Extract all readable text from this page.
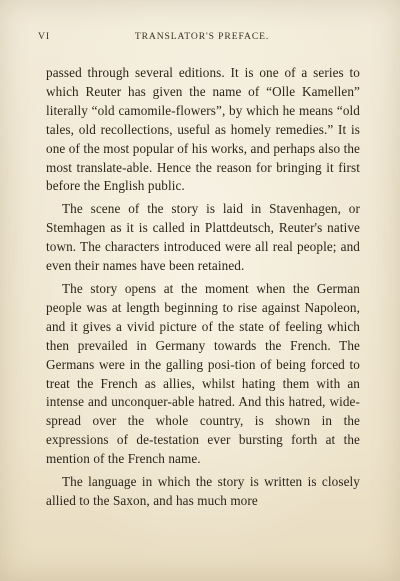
VI	TRANSLATOR'S PREFACE.

passed through several editions. It is one of a series to which Reuter has given the name of “Olle Kamellen” literally “old camomile-flowers”, by which he means “old tales, old recollections, useful as homely remedies.” It is one of the most popular of his works, and perhaps also the most translate-able. Hence the reason for bringing it first before the English public.

The scene of the story is laid in Stavenhagen, or Stemhagen as it is called in Plattdeutsch, Reuter's native town. The characters introduced were all real people; and even their names have been retained.

The story opens at the moment when the German people was at length beginning to rise against Napoleon, and it gives a vivid picture of the state of feeling which then prevailed in Germany towards the French. The Germans were in the galling posi-tion of being forced to treat the French as allies, whilst hating them with an intense and unconquer-able hatred. And this hatred, wide-spread over the whole country, is shown in the expressions of de-testation ever bursting forth at the mention of the French name.

The language in which the story is written is closely allied to the Saxon, and has much more
